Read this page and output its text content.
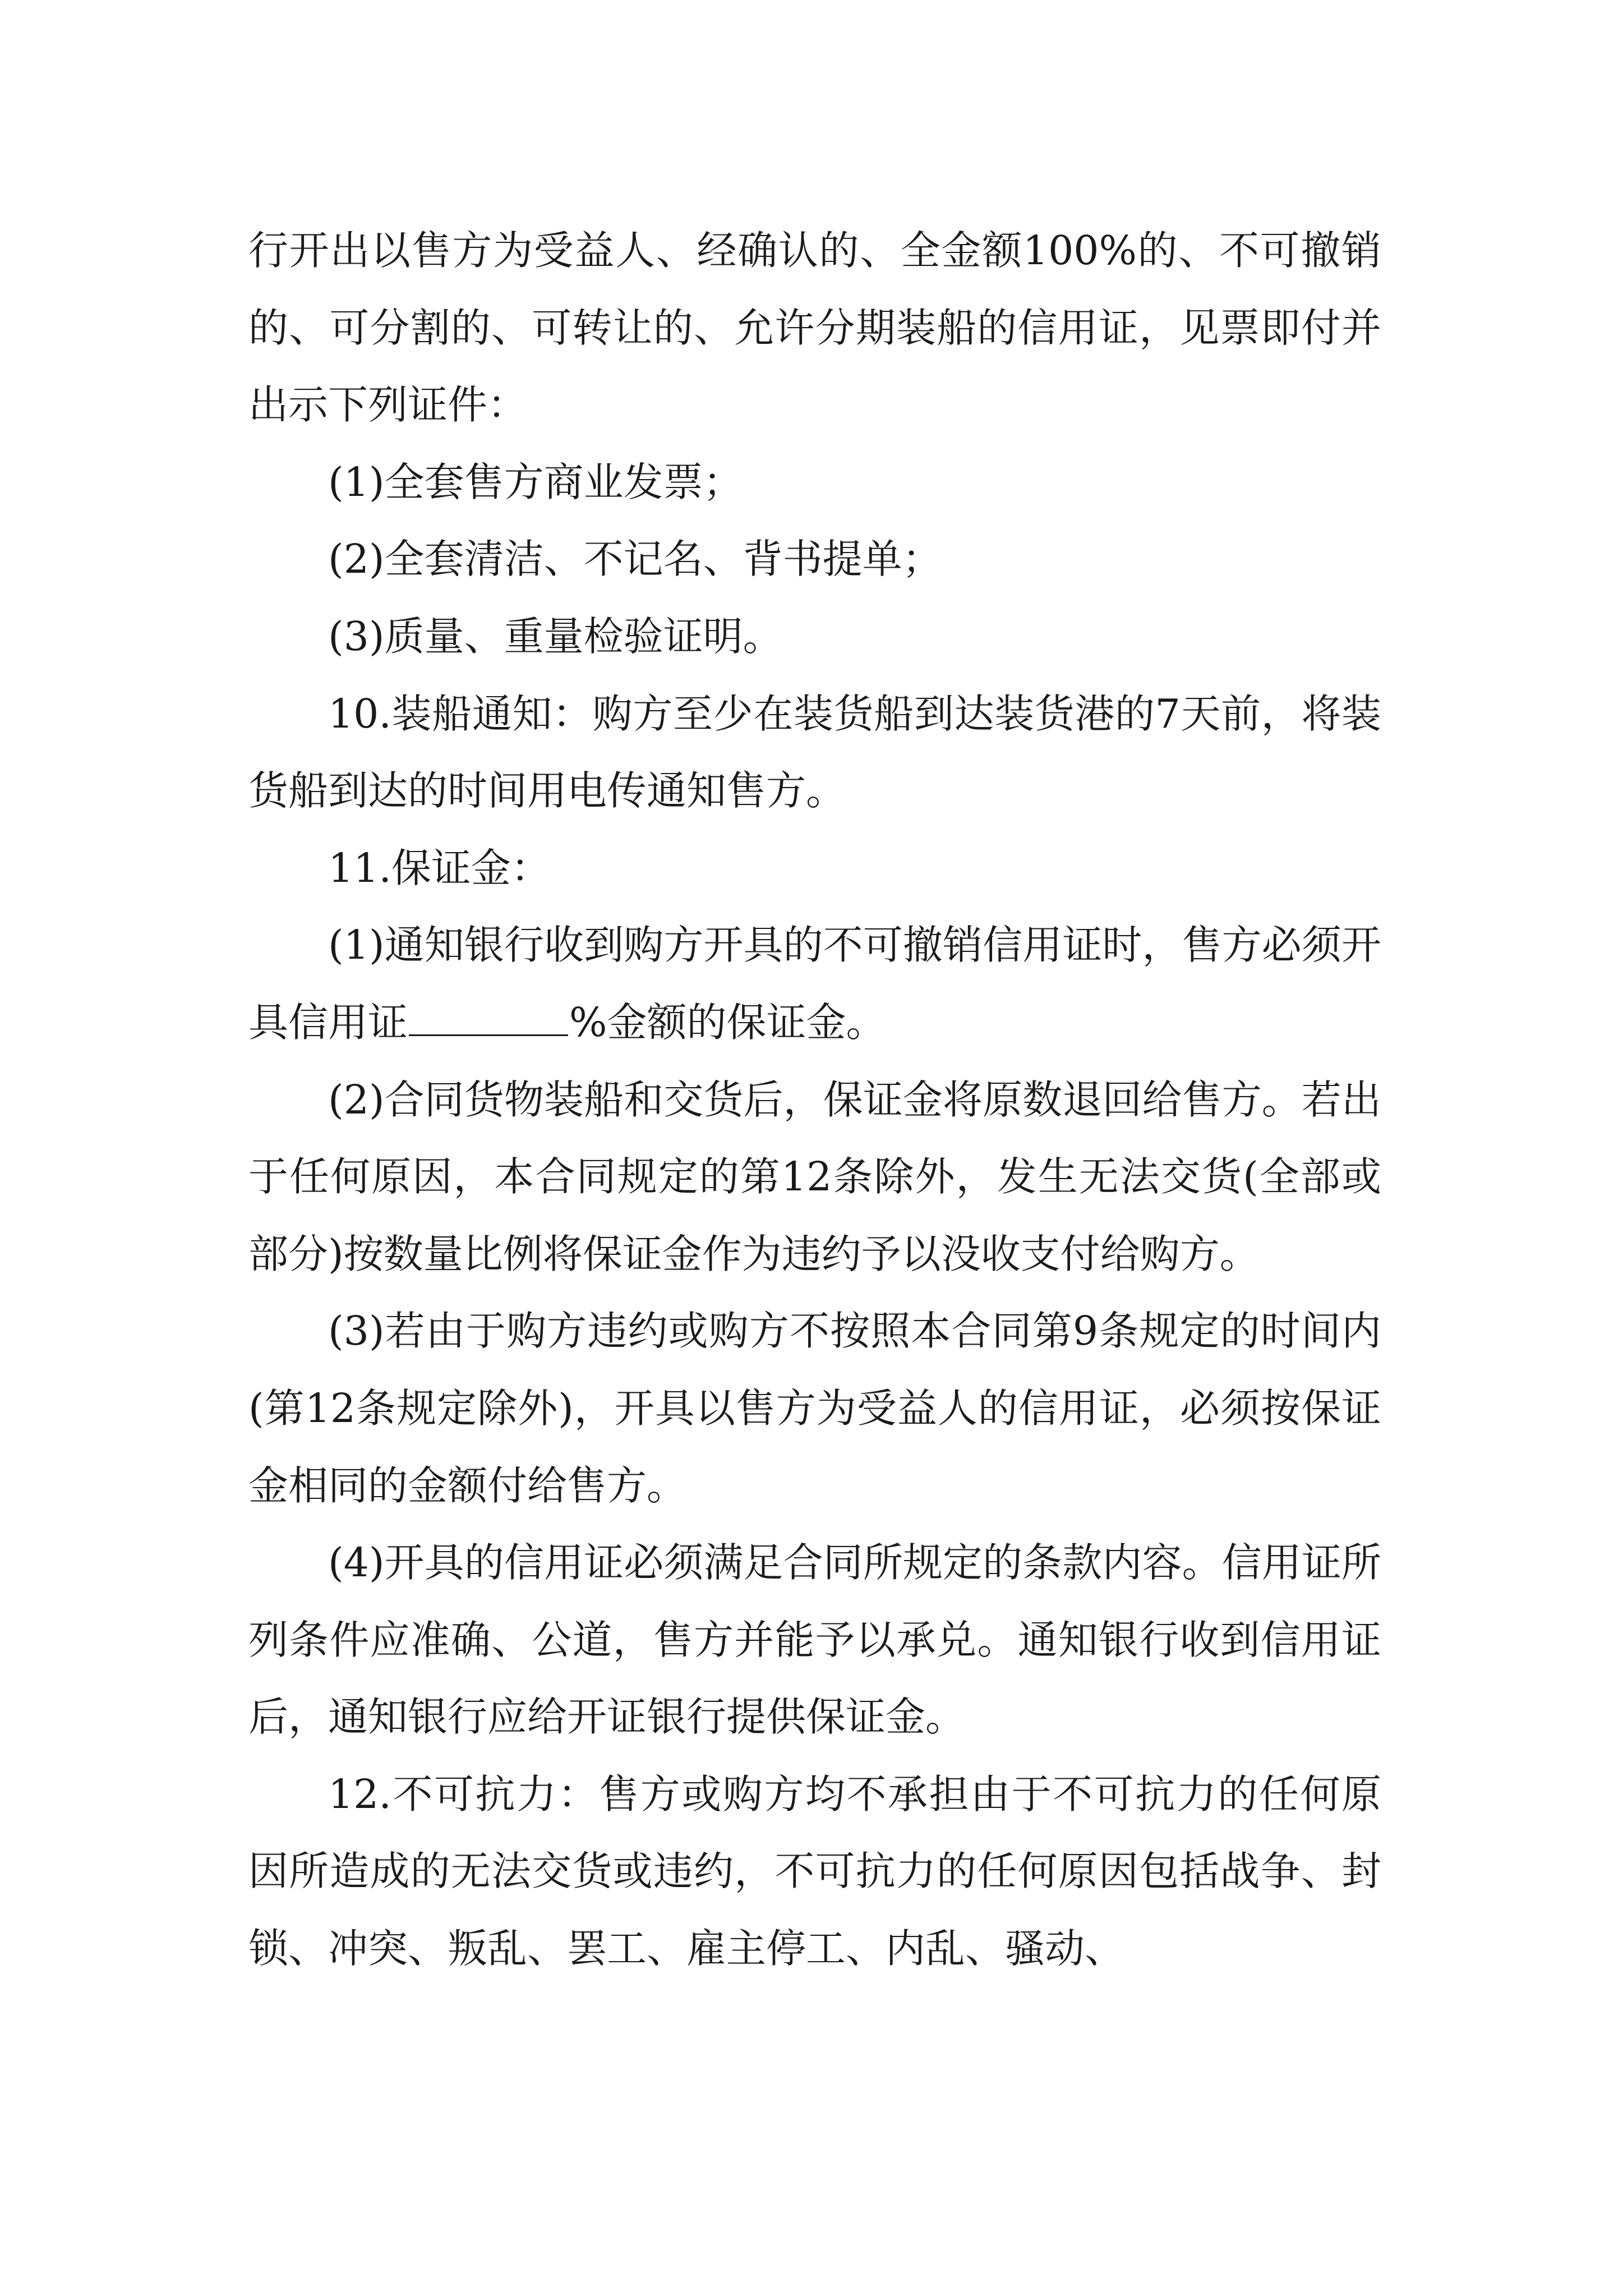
行开出以售方为受益人、经确认的、全金额100%的、不可撤销的、可分割的、可转让的、允许分期装船的信用证，见票即付并出示下列证件：

(1)全套售方商业发票；

(2)全套清洁、不记名、背书提单；

(3)质量、重量检验证明。

10.装船通知：购方至少在装货船到达装货港的7天前，将装货船到达的时间用电传通知售方。

11.保证金：

(1)通知银行收到购方开具的不可撤销信用证时，售方必须开具信用证	%金额的保证金。

(2)合同货物装船和交货后，保证金将原数退回给售方。若出于任何原因，本合同规定的第12条除外，发生无法交货(全部或部分)按数量比例将保证金作为违约予以没收支付给购方。

(3)若由于购方违约或购方不按照本合同第9条规定的时间内(第12条规定除外)，开具以售方为受益人的信用证，必须按保证金相同的金额付给售方。

(4)开具的信用证必须满足合同所规定的条款内容。信用证所列条件应准确、公道，售方并能予以承兑。通知银行收到信用证后，通知银行应给开证银行提供保证金。

12.不可抗力：售方或购方均不承担由于不可抗力的任何原因所造成的无法交货或违约，不可抗力的任何原因包括战争、封锁、冲突、叛乱、罢工、雇主停工、内乱、骚动、
